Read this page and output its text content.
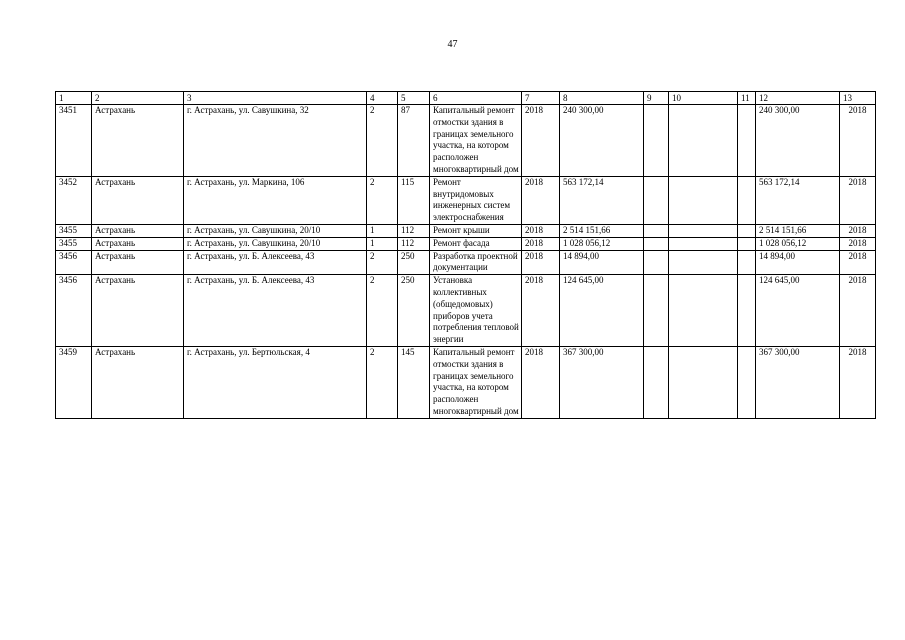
47
1	2	3	4	5	6	7	8	9	10	11	12	13
3451	Астрахань	г. Астрахань, ул. Савушкина, 32	2	87	Капитальный ремонт отмостки здания в границах земельного участка, на котором расположен многоквартирный дом	2018	240 300,00				240 300,00	2018
3452	Астрахань	г. Астрахань, ул. Маркина, 106	2	115	Ремонт внутридомовых инженерных систем электроснабжения	2018	563 172,14				563 172,14	2018
3455	Астрахань	г. Астрахань, ул. Савушкина, 20/10	1	112	Ремонт крыши	2018	2 514 151,66				2 514 151,66	2018
3455	Астрахань	г. Астрахань, ул. Савушкина, 20/10	1	112	Ремонт фасада	2018	1 028 056,12				1 028 056,12	2018
3456	Астрахань	г. Астрахань, ул. Б. Алексеева, 43	2	250	Разработка проектной документации	2018	14 894,00				14 894,00	2018
3456	Астрахань	г. Астрахань, ул. Б. Алексеева, 43	2	250	Установка коллективных (общедомовых) приборов учета потребления тепловой энергии	2018	124 645,00				124 645,00	2018
3459	Астрахань	г. Астрахань, ул. Бертюльская, 4	2	145	Капитальный ремонт отмостки здания в границах земельного участка, на котором расположен многоквартирный дом	2018	367 300,00				367 300,00	2018
